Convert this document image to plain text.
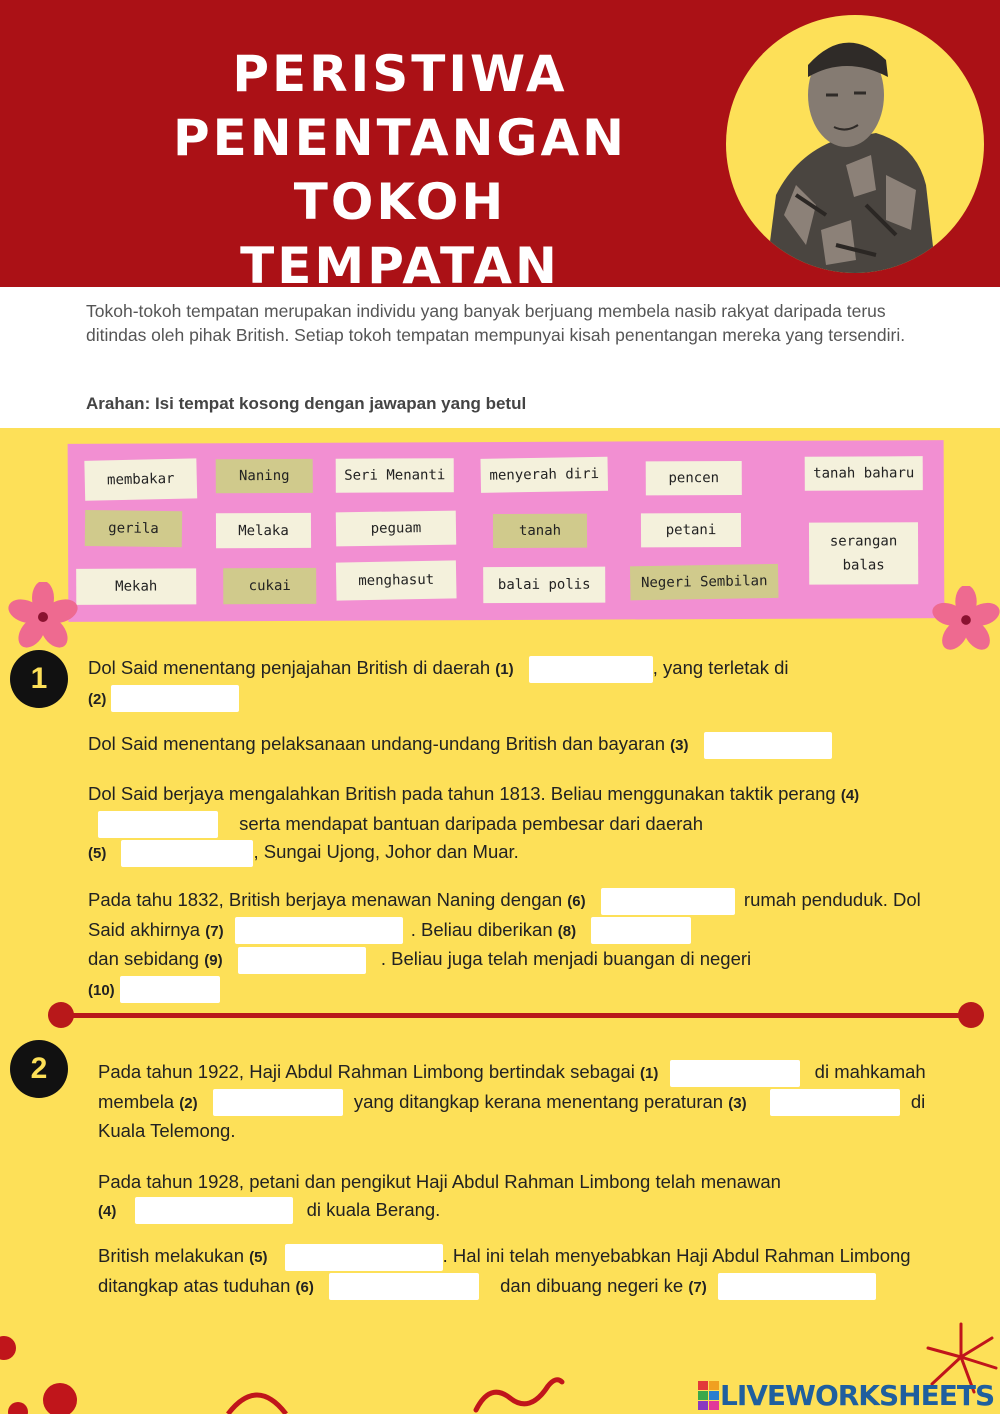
PERISTIWA
PENENTANGAN TOKOH
TEMPATAN
Tokoh-tokoh tempatan merupakan individu yang banyak berjuang membela nasib rakyat daripada terus ditindas oleh pihak British. Setiap tokoh tempatan mempunyai kisah penentangan mereka yang tersendiri.
Arahan: Isi tempat kosong dengan jawapan yang betul
membakar	Naning	Seri Menanti	menyerah diri	pencen	tanah baharu
gerila	Melaka	peguam	tanah	petani
serangan balas
Mekah	cukai	menghasut	balai polis	Negeri Sembilan
1	Dol Said menentang penjajahan British di daerah (1)	, yang terletak di
(2)
Dol Said menentang pelaksanaan undang-undang British dan bayaran (3)
Dol Said berjaya mengalahkan British pada tahun 1813. Beliau menggunakan taktik perang (4)  serta mendapat bantuan daripada pembesar dari daerah
(5)	, Sungai Ujong, Johor dan Muar.
Pada tahu 1832, British berjaya menawan Naning dengan (6)	rumah penduduk. Dol Said akhirnya (7)	. Beliau diberikan (8)
dan sebidang (9)	. Beliau juga telah menjadi buangan di negeri
(10)
2	Pada tahun 1922, Haji Abdul Rahman Limbong bertindak sebagai (1)	di mahkamah membela (2)	yang ditangkap kerana menentang peraturan (3)	di Kuala Telemong.
Pada tahun 1928, petani dan pengikut Haji Abdul Rahman Limbong telah menawan
(4)	di kuala Berang.
British melakukan (5)	. Hal ini telah menyebabkan Haji Abdul Rahman Limbong ditangkap atas tuduhan (6)	dan dibuang negeri ke (7)
LIVEWORKSHEETS
